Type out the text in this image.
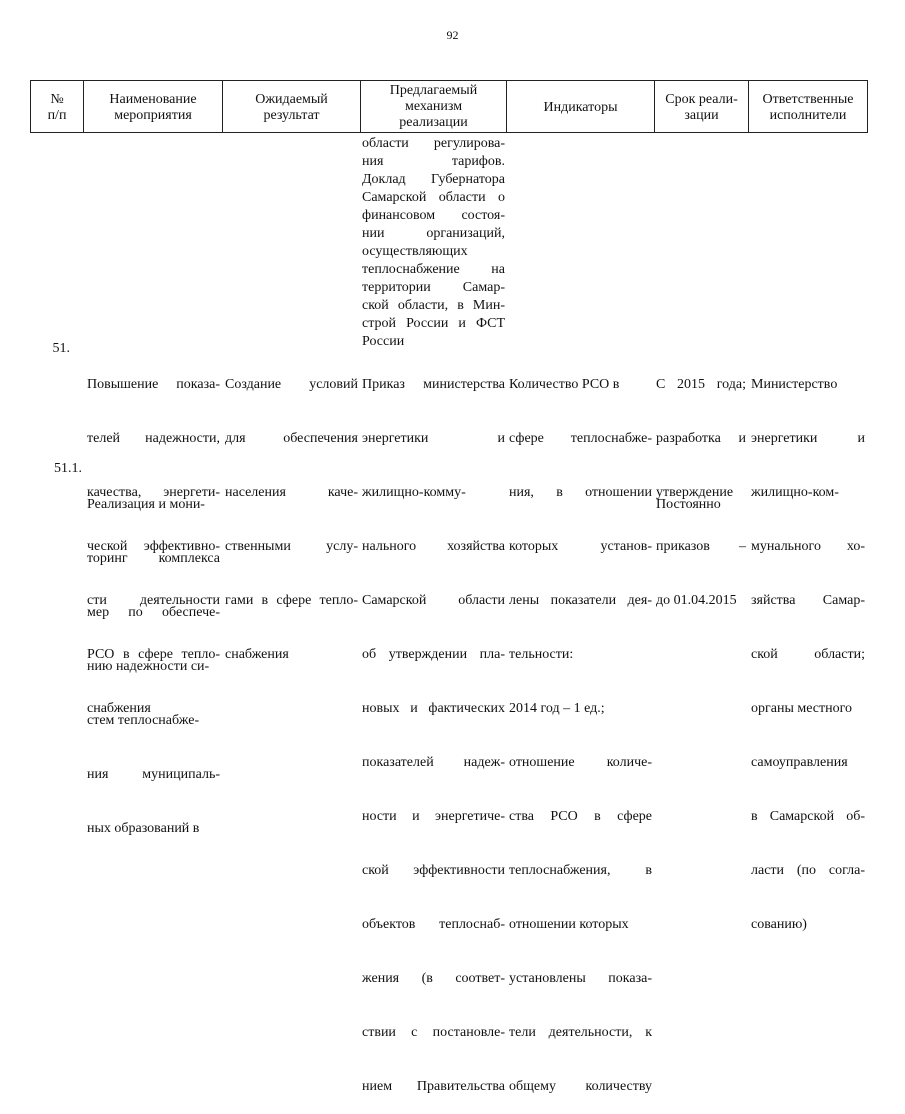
92
№
п/п
Наименование
мероприятия
Ожидаемый
результат
Предлагаемый
механизм
реализации
Индикаторы
Срок реали-
зации
Ответственные
исполнители
области регулирова-
ния тарифов.
Доклад Губернатора
Самарской области о
финансовом состоя-
нии организаций,
осуществляющих
теплоснабжение на
территории Самар-
ской области, в Мин-
строй России и ФСТ
России
51.

Повышение показа-

телей надежности,

качества, энергети-

ческой эффективно-

сти деятельности

РСО в сфере тепло-

снабжения

Создание условий

для обеспечения

населения каче-

ственными услу-

гами в сфере тепло-

снабжения

Приказ министерства

энергетики и

жилищно-комму-

нального хозяйства

Самарской области

об утверждении пла-

новых и фактических

показателей надеж-

ности и энергетиче-

ской эффективности

объектов теплоснаб-

жения (в соответ-

ствии с постановле-

нием Правительства

Количество РСО в

сфере теплоснабже-

ния, в отношении

которых установ-

лены показатели дея-

тельности:

2014 год – 1 ед.;

отношение количе-

ства РСО в сфере

теплоснабжения, в

отношении которых

установлены показа-

тели деятельности, к

общему количеству

С 2015 года;

разработка и

утверждение

приказов –

до 01.04.2015

Министерство

энергетики и

жилищно-ком-

мунального хо-

зяйства Самар-

ской области;

органы местного

самоуправления

в Самарской об-

ласти (по согла-

сованию)

51.1.

Реализация и мони-

торинг комплекса

мер по обеспече-

нию надежности си-

стем теплоснабже-

ния муниципаль-

ных образований в

Постоянно
